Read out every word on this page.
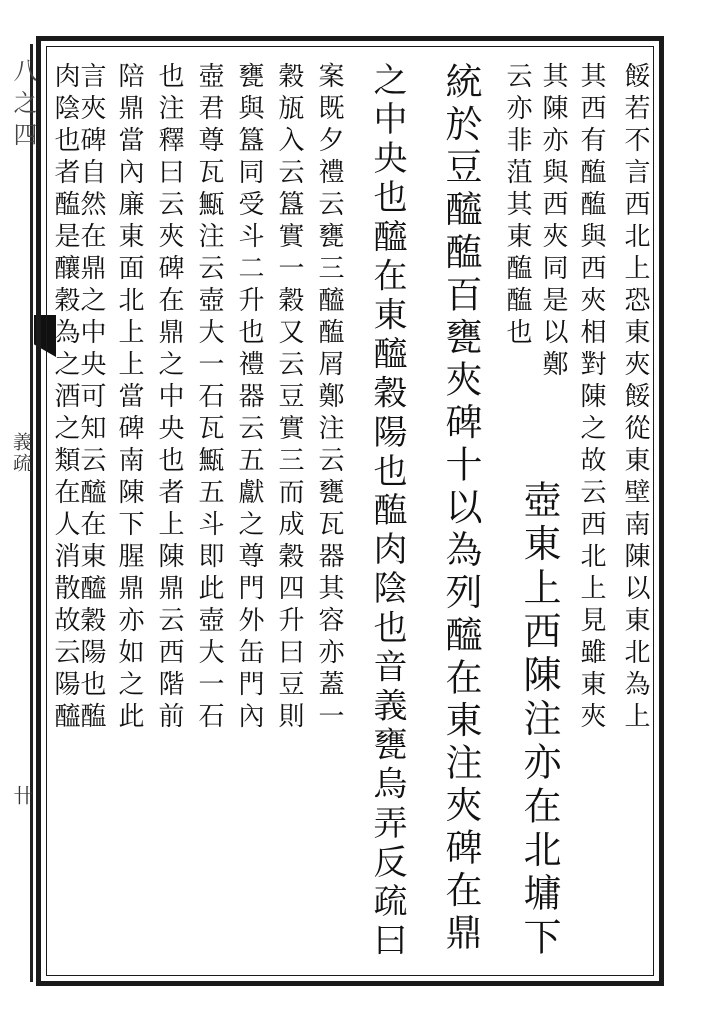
八之四
義疏
卄
餒若不言西北上恐東夾餒從東壁南陳以東北為上
其西有醢醢與西夾相對陳之故云西北上見雖東夾
其陳亦與西夾同是以鄭
云亦非菹其東醢醢也
壺東上西陳注亦在北墉下
統於豆醯醢百甕夾碑十以為列醯在東注夾碑在鼎
之中央也醯在東醯穀陽也醢肉陰也音義甕烏弄反疏曰
案既夕禮云甕三醯醢屑鄭注云甕瓦器其容亦蓋一
穀瓬入云簋實一穀又云豆實三而成穀四升曰豆則
甕與簋同受斗二升也禮器云五獻之尊門外缶門內
壺君尊瓦甒注云壺大一石瓦甒五斗即此壺大一石
也注釋曰云夾碑在鼎之中央也者上陳鼎云西階前
陪鼎當內廉東面北上上當碑南陳下腥鼎亦如之此
言夾碑自然在鼎之中央可知云醯在東醯穀陽也醢
肉陰也者醢是釀穀為之酒之類在人消散故云陽醯
